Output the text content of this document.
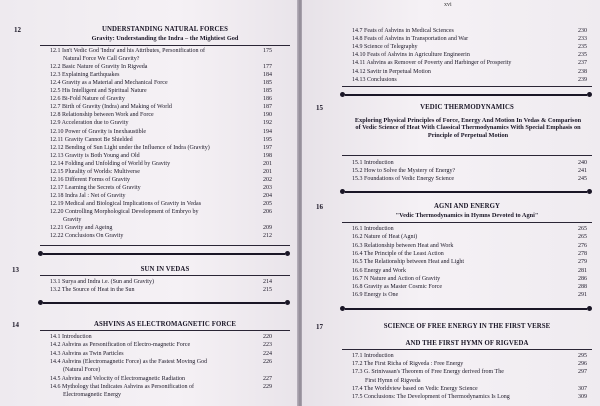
12	UNDERSTANDING NATURAL FORCES
Gravity: Understanding the Indra – the Mightiest God
12.1 Isn't Vedic God 'Indra' and his Attributes, Personification of	175
Natural Force We Call Gravity?
12.2 Basic Nature of Gravity In Rigveda	177
12.3 Explaining Earthquakes	184
12.4 Gravity as a Material and Mechanical Force	185
12.5 His Intelligent and Spiritual Nature	185
12.6 Bi-Fold Nature of Gravity	186
12.7 Birth of Gravity (Indra) and Making of World	187
12.8 Relationship between Work and Force	190
12.9 Acceleration due to Gravity	192
12.10 Power of Gravity is Inexhaustible	194
12.11 Gravity Cannot Be Shielded	195
12.12 Bending of Sun Light under the Influence of Indra (Gravity)	197
12.13 Gravity is Both Young and Old	198
12.14 Folding and Unfolding of World by Gravity	201
12.15 Plurality of Worlds: Multiverse	201
12.16 Different Forms of Gravity	202
12.17 Learning the Secrets of Gravity	203
12.18 Indra Jal : Net of Gravity	204
12.19 Medical and Biological Implications of Gravity in Vedas	205
12.20 Controlling Morphological Development of Embryo by	206
Gravity
12.21 Gravity and Ageing	209
12.22 Conclusions On Gravity	212
13	SUN IN VEDAS
13.1 Surya and Indra i.e. (Sun and Gravity)	214
13.2 The Source of Heat in the Sun	215
14	ASHVINS AS ELECTROMAGNETIC FORCE
14.1 Introduction	220
14.2 Ashvins as Personification of Electro-magnetic Force	223
14.3 Ashvins as Twin Particles	224
14.4 Ashvins (Electromagnetic Force) as the Fastest Moving God	226
(Natural Force)
14.5 Ashvins and Velocity of Electromagnetic Radiation	227
14.6 Mythology that Indicates Ashvins as Personification of	229
Electromagnetic Energy
xvi
14.7 Feats of Ashvins in Medical Sciences	230
14.8 Feats of Ashvins in Transportation and War	233
14.9 Science of Telegraphy	235
14.10 Feats of Ashvins in Agriculture Engineerin	235
14.11 Ashvins as Remover of Poverty and Harbinger of Prosperity	237
14.12 Savitr in Perpetual Motion	238
14.13 Conclusions	239
15	VEDIC THERMODYNAMICS
Exploring Physical Principles of Force, Energy And Motion In Vedas & Comparison of Vedic Science of Heat With Classical Thermodynamics With Special Emphasis on Principle of Perpetual Motion
15.1 Introduction	240
15.2 How to Solve the Mystery of Energy?	241
15.3 Foundations of Vedic Energy Science	245
16	AGNI AND ENERGY
"Vedic Thermodynamics in Hymns Devoted to Agni"
16.1 Introduction	265
16.2 Nature of Heat (Agni)	265
16.3 Relationship between Heat and Work	276
16.4 The Principle of the Least Action	278
16.5 The Relationship between Heat and Light	279
16.6 Energy and Work	281
16.7 N Nature and Action of Gravity	286
16.8 Gravity as Master Cosmic Force	288
16.9 Energy is One	291
17	SCIENCE OF FREE ENERGY IN THE FIRST VERSE
AND THE FIRST HYMN OF RIGVEDA
17.1 Introduction	295
17.2 The First Richa of Rigveda : Free Energy	296
17.3 G. Srinivasan's Theorem of Free Energy derived from The	297
First Hymn of Rigveda
17.4 The Worldview based on Vedic Energy Science	307
17.5 Conclusions: The Development of Thermodynamics Is Long	309
